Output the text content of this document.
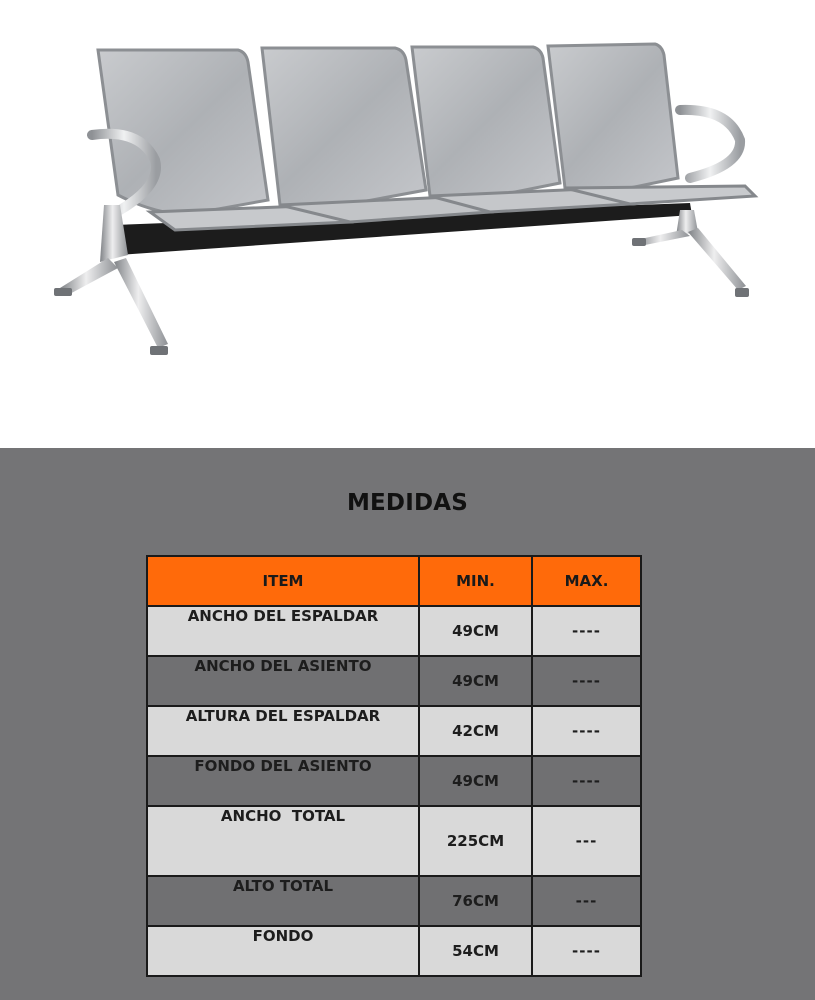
MEDIDAS
ITEM	MIN.	MAX.
ANCHO DEL ESPALDAR	49CM	----
ANCHO DEL ASIENTO	49CM	----
ALTURA DEL ESPALDAR	42CM	----
FONDO DEL ASIENTO	49CM	----
ANCHO  TOTAL	225CM	---
ALTO TOTAL	76CM	---
FONDO	54CM	----
